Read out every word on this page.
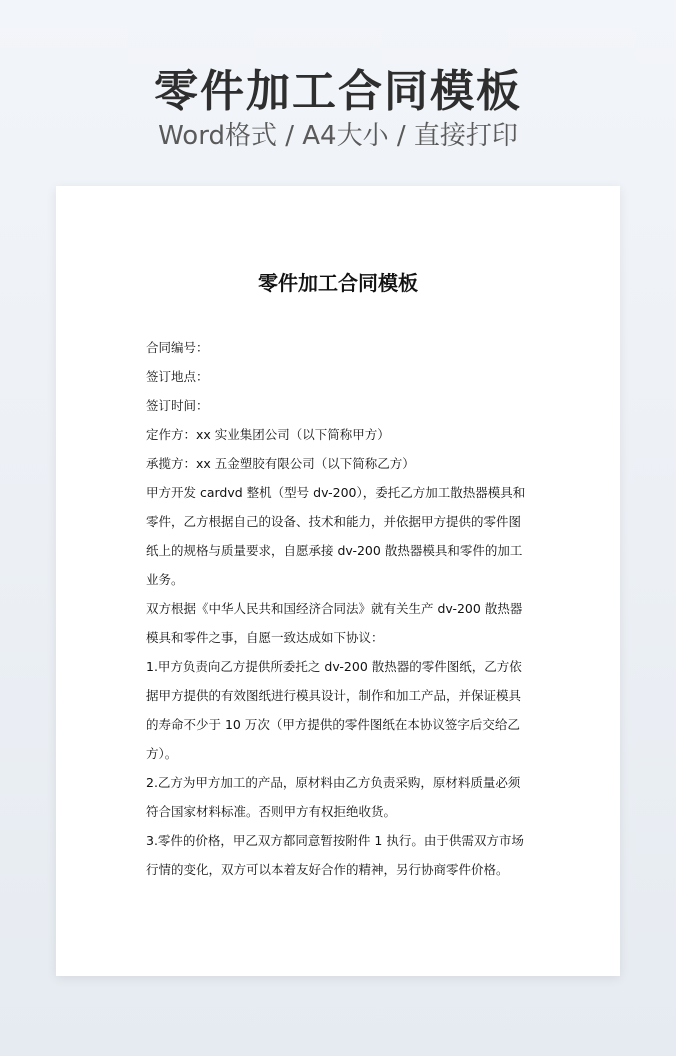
零件加工合同模板
Word格式 / A4大小 / 直接打印
零件加工合同模板
合同编号：
签订地点：
签订时间：
定作方：xx 实业集团公司（以下简称甲方）
承揽方：xx 五金塑胶有限公司（以下简称乙方）
甲方开发 cardvd 整机（型号 dv-200），委托乙方加工散热器模具和
零件，乙方根据自己的设备、技术和能力，并依据甲方提供的零件图
纸上的规格与质量要求，自愿承接 dv-200 散热器模具和零件的加工
业务。
双方根据《中华人民共和国经济合同法》就有关生产 dv-200 散热器
模具和零件之事，自愿一致达成如下协议：
1.甲方负责向乙方提供所委托之 dv-200 散热器的零件图纸，乙方依
据甲方提供的有效图纸进行模具设计，制作和加工产品，并保证模具
的寿命不少于 10 万次（甲方提供的零件图纸在本协议签字后交给乙
方）。
2.乙方为甲方加工的产品，原材料由乙方负责采购，原材料质量必须
符合国家材料标准。否则甲方有权拒绝收货。
3.零件的价格，甲乙双方都同意暂按附件 1 执行。由于供需双方市场
行情的变化，双方可以本着友好合作的精神，另行协商零件价格。
